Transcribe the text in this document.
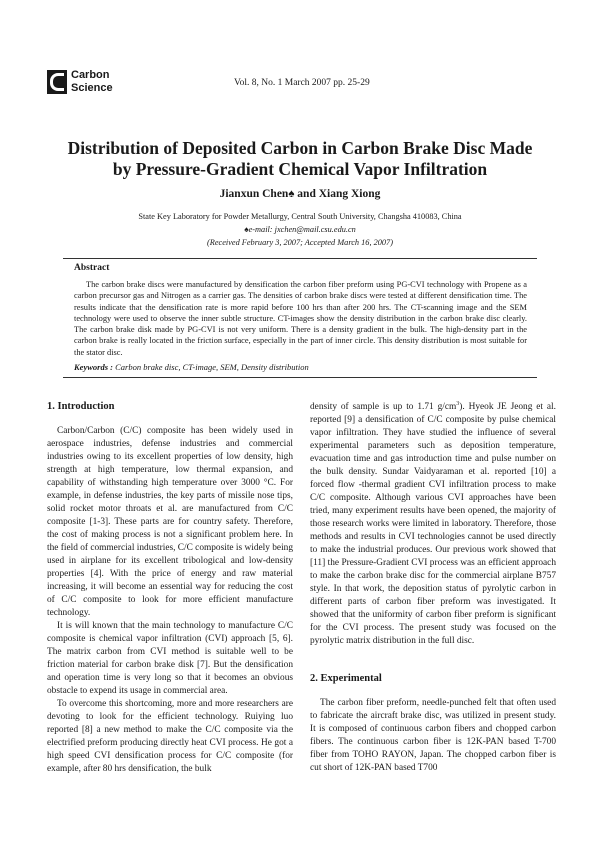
Carbon
Science	Vol. 8, No. 1 March 2007 pp. 25-29
Distribution of Deposited Carbon in Carbon Brake Disc Made
by Pressure-Gradient Chemical Vapor Infiltration
Jianxun Chen♠ and Xiang Xiong
State Key Laboratory for Powder Metallurgy, Central South University, Changsha 410083, China
♠e-mail: jxchen@mail.csu.edu.cn
(Received February 3, 2007; Accepted March 16, 2007)
Abstract

The carbon brake discs were manufactured by densification the carbon fiber preform using PG-CVI technology with Propene as a carbon precursor gas and Nitrogen as a carrier gas. The densities of carbon brake discs were tested at different densification time. The results indicate that the densification rate is more rapid before 100 hrs than after 200 hrs. The CT-scanning image and the SEM technology were used to observe the inner subtle structure. CT-images show the density distribution in the carbon brake disc clearly. The carbon brake disk made by PG-CVI is not very uniform. There is a density gradient in the bulk. The high-density part in the carbon brake is really located in the friction surface, especially in the part of inner circle. This density distribution is most suitable for the stator disc.

Keywords : Carbon brake disc, CT-image, SEM, Density distribution
1. Introduction

Carbon/Carbon (C/C) composite has been widely used in aerospace industries, defense industries and commercial industries owing to its excellent properties of low density, high strength at high temperature, low thermal expansion, and capability of withstanding high temperature over 3000 °C. For example, in defense industries, the key parts of missile nose tips, solid rocket motor throats et al. are manufactured from C/C composite [1-3]. These parts are for country safety. Therefore, the cost of making process is not a significant problem here. In the field of commercial industries, C/C composite is widely being used in airplane for its excellent tribological and low-density properties [4]. With the price of energy and raw material increasing, it will become an essential way for reducing the cost of C/C composite to look for more efficient manufacture technology.

It is will known that the main technology to manufacture C/C composite is chemical vapor infiltration (CVI) approach [5, 6]. The matrix carbon from CVI method is suitable well to be friction material for carbon brake disk [7]. But the densification and operation time is very long so that it becomes an obvious obstacle to expend its usage in commercial area.

To overcome this shortcoming, more and more researchers are devoting to look for the efficient technology. Ruiying luo reported [8] a new method to make the C/C composite via the electrified preform producing directly heat CVI process. He got a high speed CVI densification process for C/C composite (for example, after 80 hrs densification, the bulk

density of sample is up to 1.71 $g/cm^3$). Hyeok JE Jeong et al. reported [9] a densification of C/C composite by pulse chemical vapor infiltration. They have studied the influence of several experimental parameters such as deposition temperature, evacuation time and gas introduction time and pulse number on the bulk density. Sundar Vaidyaraman et al. reported [10] a forced flow -thermal gradient CVI infiltration process to make C/C composite. Although various CVI approaches have been tried, many experiment results have been opened, the majority of those research works were limited in laboratory. Therefore, those methods and results in CVI technologies cannot be used directly to make the industrial produces. Our previous work showed that [11] the Pressure-Gradient CVI process was an efficient approach to make the carbon brake disc for the commercial airplane B757 style. In that work, the deposition status of pyrolytic carbon in different parts of carbon fiber preform was investigated. It showed that the uniformity of carbon fiber preform is significant for the CVI process. The present study was focused on the pyrolytic matrix distribution in the full disc.

2. Experimental

The carbon fiber preform, needle-punched felt that often used to fabricate the aircraft brake disc, was utilized in present study. It is composed of continuous carbon fibers and chopped carbon fibers. The continuous carbon fiber is 12K-PAN based T-700 fiber from TOHO RAYON, Japan. The chopped carbon fiber is cut short of 12K-PAN based T700
